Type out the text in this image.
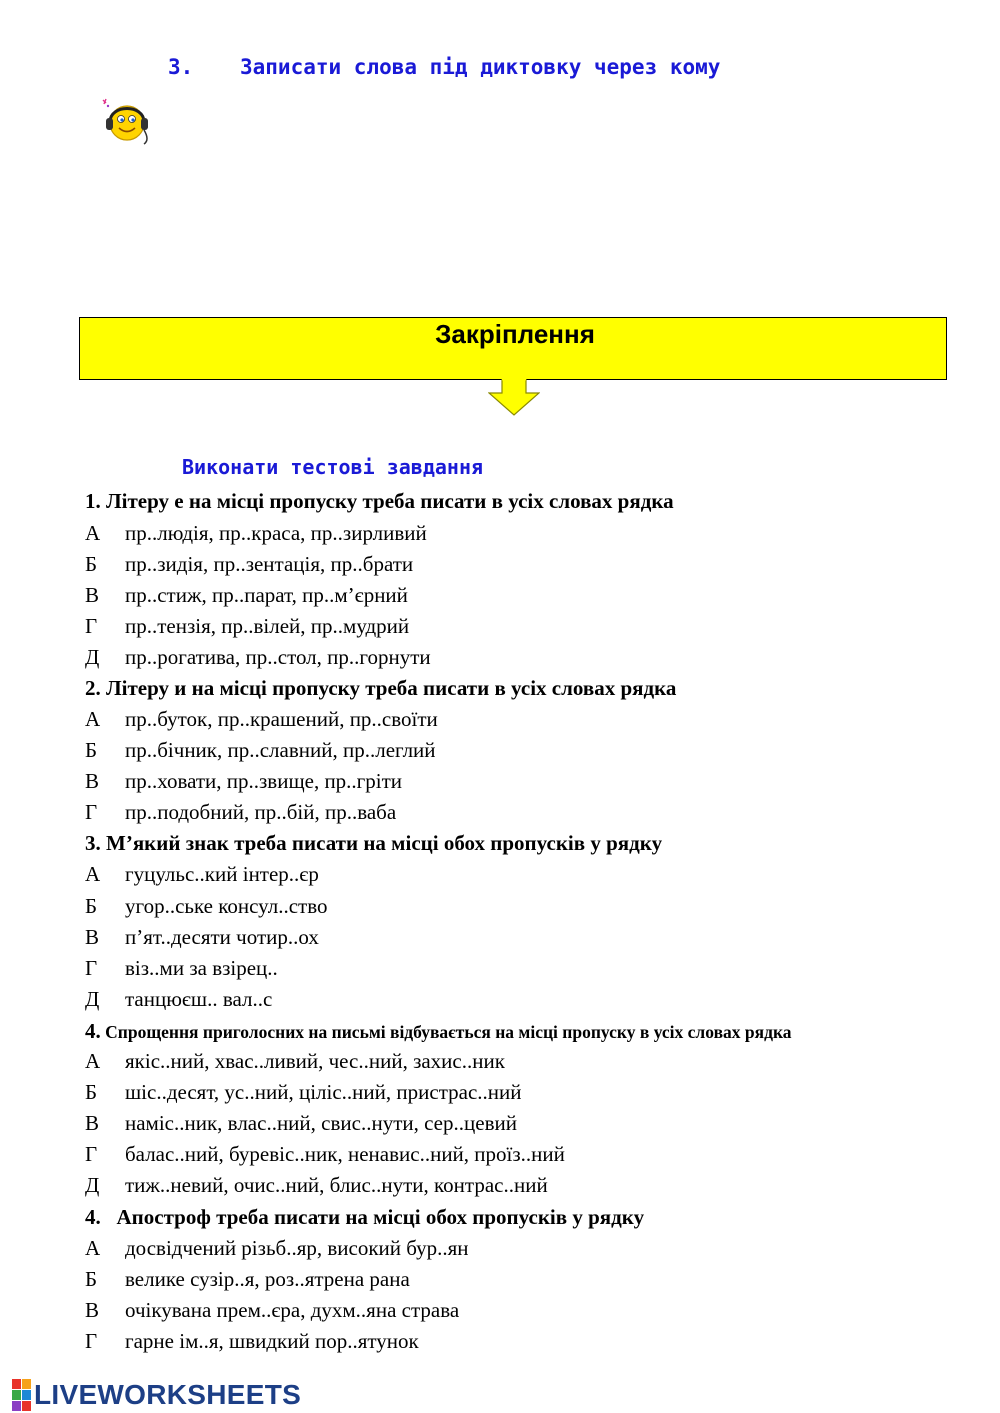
3. Записати слова під диктовку через кому
Закріплення
Виконати тестові завдання
1. Літеру е на місці пропуску треба писати в усіх словах рядка
А пр..людія, пр..краса, пр..зирливий
Б пр..зидія, пр..зентація, пр..брати
В пр..стиж, пр..парат, пр..м’єрний
Г пр..тензія, пр..вілей, пр..мудрий
Д пр..рогатива, пр..стол, пр..горнути
2. Літеру и на місці пропуску треба писати в усіх словах рядка
А пр..буток, пр..крашений, пр..своїти
Б пр..бічник, пр..славний, пр..леглий
В пр..ховати, пр..звище, пр..гріти
Г пр..подобний, пр..бій, пр..ваба
3. М’який знак треба писати на місці обох пропусків у рядку
А гуцульс..кий інтер..єр
Б угор..ське консул..ство
В п’ят..десяти чотир..ох
Г віз..ми за взірец..
Д танцюєш.. вал..с
4. Спрощення приголосних на письмі відбувається на місці пропуску в усіх словах рядка
А якіс..ний, хвас..ливий, чес..ний, захис..ник
Б шіс..десят, ус..ний, цiліс..ний, пристрас..ний
В наміс..ник, влас..ний, свис..нути, сер..цевий
Г балас..ний, буревіс..ник, ненавис..ний, проїз..ний
Д тиж..невий, очис..ний, блис..нути, контрас..ний
4.   Апостроф треба писати на місці обох пропусків у рядку
А досвідчений різьб..яр, високий бур..ян
Б велике сузір..я, роз..ятрена рана
В очікувана прем..єра, духм..яна страва
Г гарне ім..я, швидкий пор..ятунок
LIVEWORKSHEETS
